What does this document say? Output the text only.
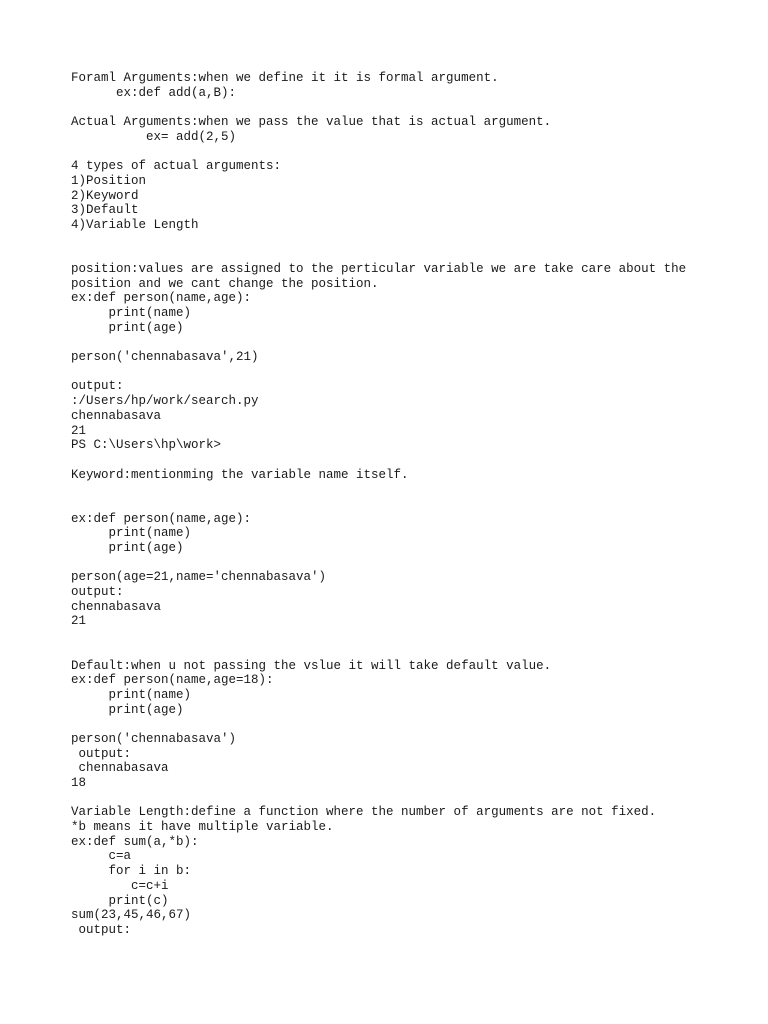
Foraml Arguments:when we define it it is formal argument.
ex:def add(a,B):
Actual Arguments:when we pass the value that is actual argument.
ex= add(2,5)
4 types of actual arguments:
1)Position
2)Keyword
3)Default
4)Variable Length
position:values are assigned to the perticular variable we are take care about the
position and we cant change the position.
ex:def person(name,age):
print(name)
print(age)
person('chennabasava',21)
output:
:/Users/hp/work/search.py
chennabasava
21
PS C:\Users\hp\work>
Keyword:mentionming the variable name itself.
ex:def person(name,age):
print(name)
print(age)
person(age=21,name='chennabasava')
output:
chennabasava
21
Default:when u not passing the vslue it will take default value.
ex:def person(name,age=18):
print(name)
print(age)
person('chennabasava')
output:
chennabasava
18
Variable Length:define a function where the number of arguments are not fixed.
*b means it have multiple variable.
ex:def sum(a,*b):
c=a
for i in b:
c=c+i
print(c)
sum(23,45,46,67)
output:
